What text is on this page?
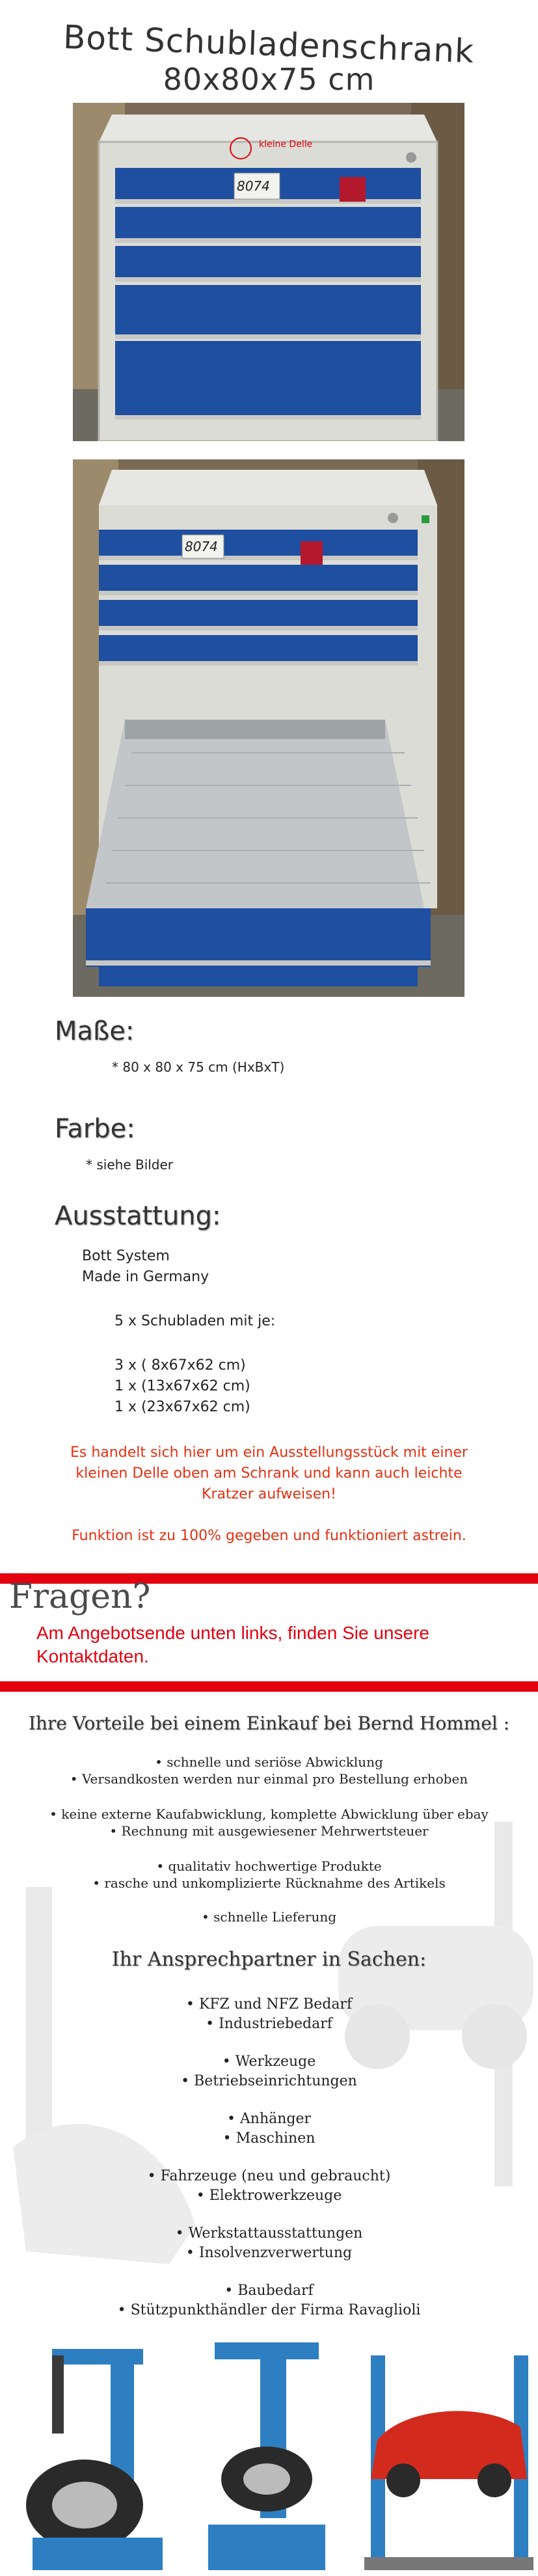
Bott Schubladenschrank
80x80x75 cm
kleine Delle
8074
8074
Maße:
* 80 x 80 x 75 cm (HxBxT)
Farbe:
* siehe Bilder
Ausstattung:
Bott System
Made in Germany
5 x Schubladen mit je:
3 x ( 8x67x62 cm)
1 x (13x67x62 cm)
1 x (23x67x62 cm)
Es handelt sich hier um ein Ausstellungsstück mit einer
kleinen Delle oben am Schrank und kann auch leichte
Kratzer aufweisen!
Funktion ist zu 100% gegeben und funktioniert astrein.
Fragen?
Am Angebotsende unten links, finden Sie unsere
Kontaktdaten.
Ihre Vorteile bei einem Einkauf bei Bernd Hommel :
• schnelle und seriöse Abwicklung
• Versandkosten werden nur einmal pro Bestellung erhoben
• keine externe Kaufabwicklung, komplette Abwicklung über ebay
• Rechnung mit ausgewiesener Mehrwertsteuer
• qualitativ hochwertige Produkte
• rasche und unkomplizierte Rücknahme des Artikels
• schnelle Lieferung
Ihr Ansprechpartner in Sachen:
• KFZ und NFZ Bedarf
• Industriebedarf
• Werkzeuge
• Betriebseinrichtungen
• Anhänger
• Maschinen
• Fahrzeuge (neu und gebraucht)
• Elektrowerkzeuge
• Werkstattausstattungen
• Insolvenzverwertung
• Baubedarf
• Stützpunkthändler der Firma Ravaglioli
